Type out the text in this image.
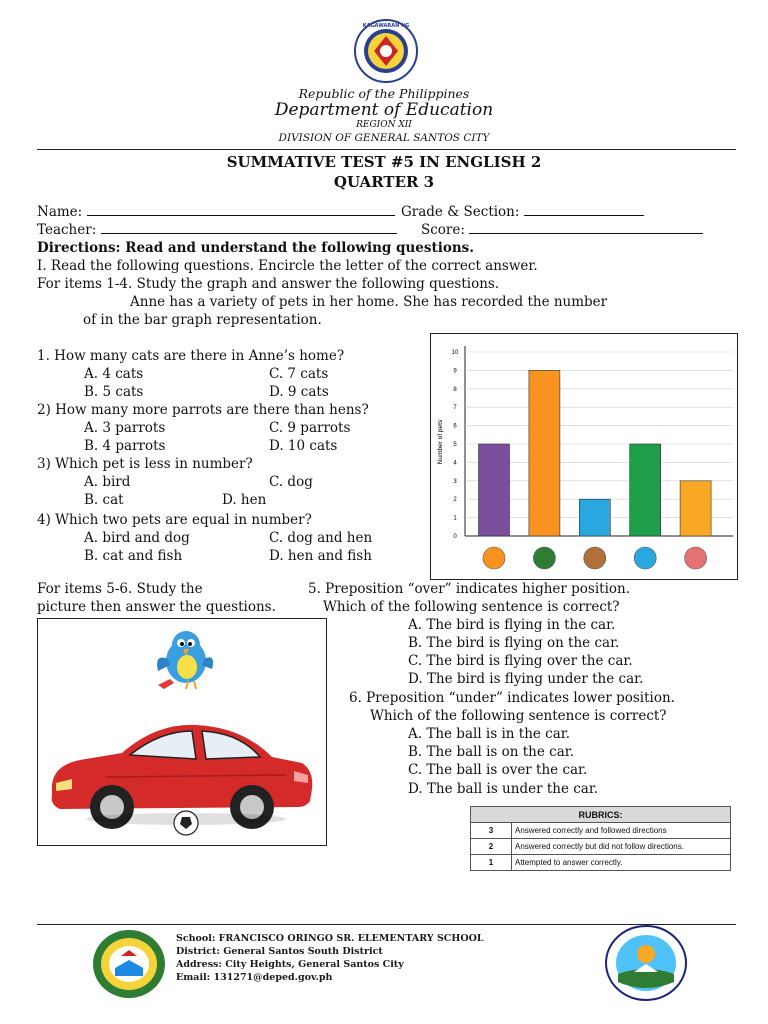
KAGAWARAN NG
Republic of the Philippines
Department of Education
REGION XII
DIVISION OF GENERAL SANTOS CITY
SUMMATIVE TEST #5 IN ENGLISH 2
QUARTER 3
Name:	Grade & Section:
Teacher:	Score:
Directions: Read and understand the following questions.
I. Read the following questions. Encircle the letter of the correct answer.
For items 1-4. Study the graph and answer the following questions.
Anne has a variety of pets in her home. She has recorded the number
of in the bar graph representation.
1. How many cats are there in Anne’s home?
A. 4 cats	C. 7 cats
B. 5 cats	D. 9 cats
2) How many more parrots are there than hens?
A. 3 parrots	C. 9 parrots
B. 4 parrots	D. 10 cats
3) Which pet is less in number?
A. bird	C. dog
B. cat	D. hen
4) Which two pets are equal in number?
A. bird and dog	C. dog and hen
B. cat and fish	D. hen and fish
Number of pets
0
1
2
3
4
5
6
7
8
9
10
For items 5-6. Study the
picture then answer the questions.
5. Preposition “over” indicates higher position.
Which of the following sentence is correct?
A. The bird is flying in the car.
B. The bird is flying on the car.
C. The bird is flying over the car.
D. The bird is flying under the car.
6. Preposition “under” indicates lower position.
Which of the following sentence is correct?
A. The ball is in the car.
B. The ball is on the car.
C. The ball is over the car.
D. The ball is under the car.
RUBRICS:	
3	Answered correctly and followed directions
2	Answered correctly but did not follow directions.
1	Attempted to answer correctly.
School: FRANCISCO ORINGO SR. ELEMENTARY SCHOOL
District: General Santos South District
Address: City Heights, General Santos City
Email: 131271@deped.gov.ph
